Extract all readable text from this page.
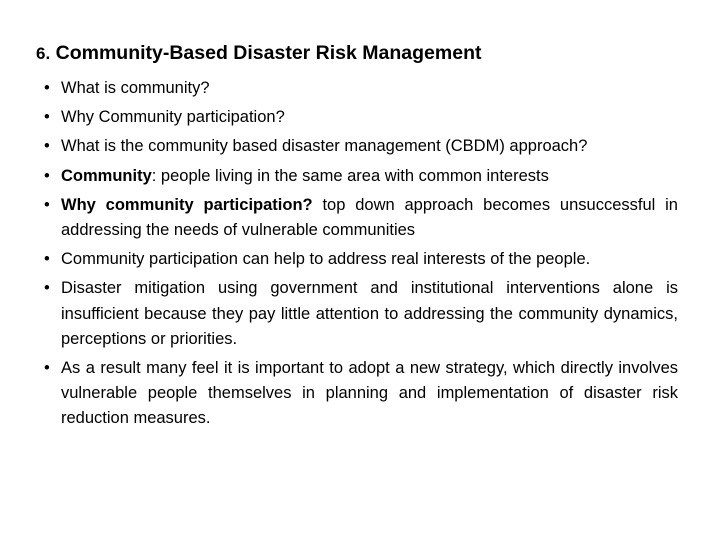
6. Community-Based Disaster Risk Management
• What is community?
• Why Community participation?
• What is the community based disaster management (CBDM) approach?
• Community: people living in the same area with common interests
• Why community participation? top down approach becomes unsuccessful in addressing the needs of vulnerable communities
• Community participation can help to address real interests of the people.
• Disaster mitigation using government and institutional interventions alone is insufficient because they pay little attention to addressing the community dynamics, perceptions or priorities.
• As a result many feel it is important to adopt a new strategy, which directly involves vulnerable people themselves in planning and implementation of disaster risk reduction measures.
